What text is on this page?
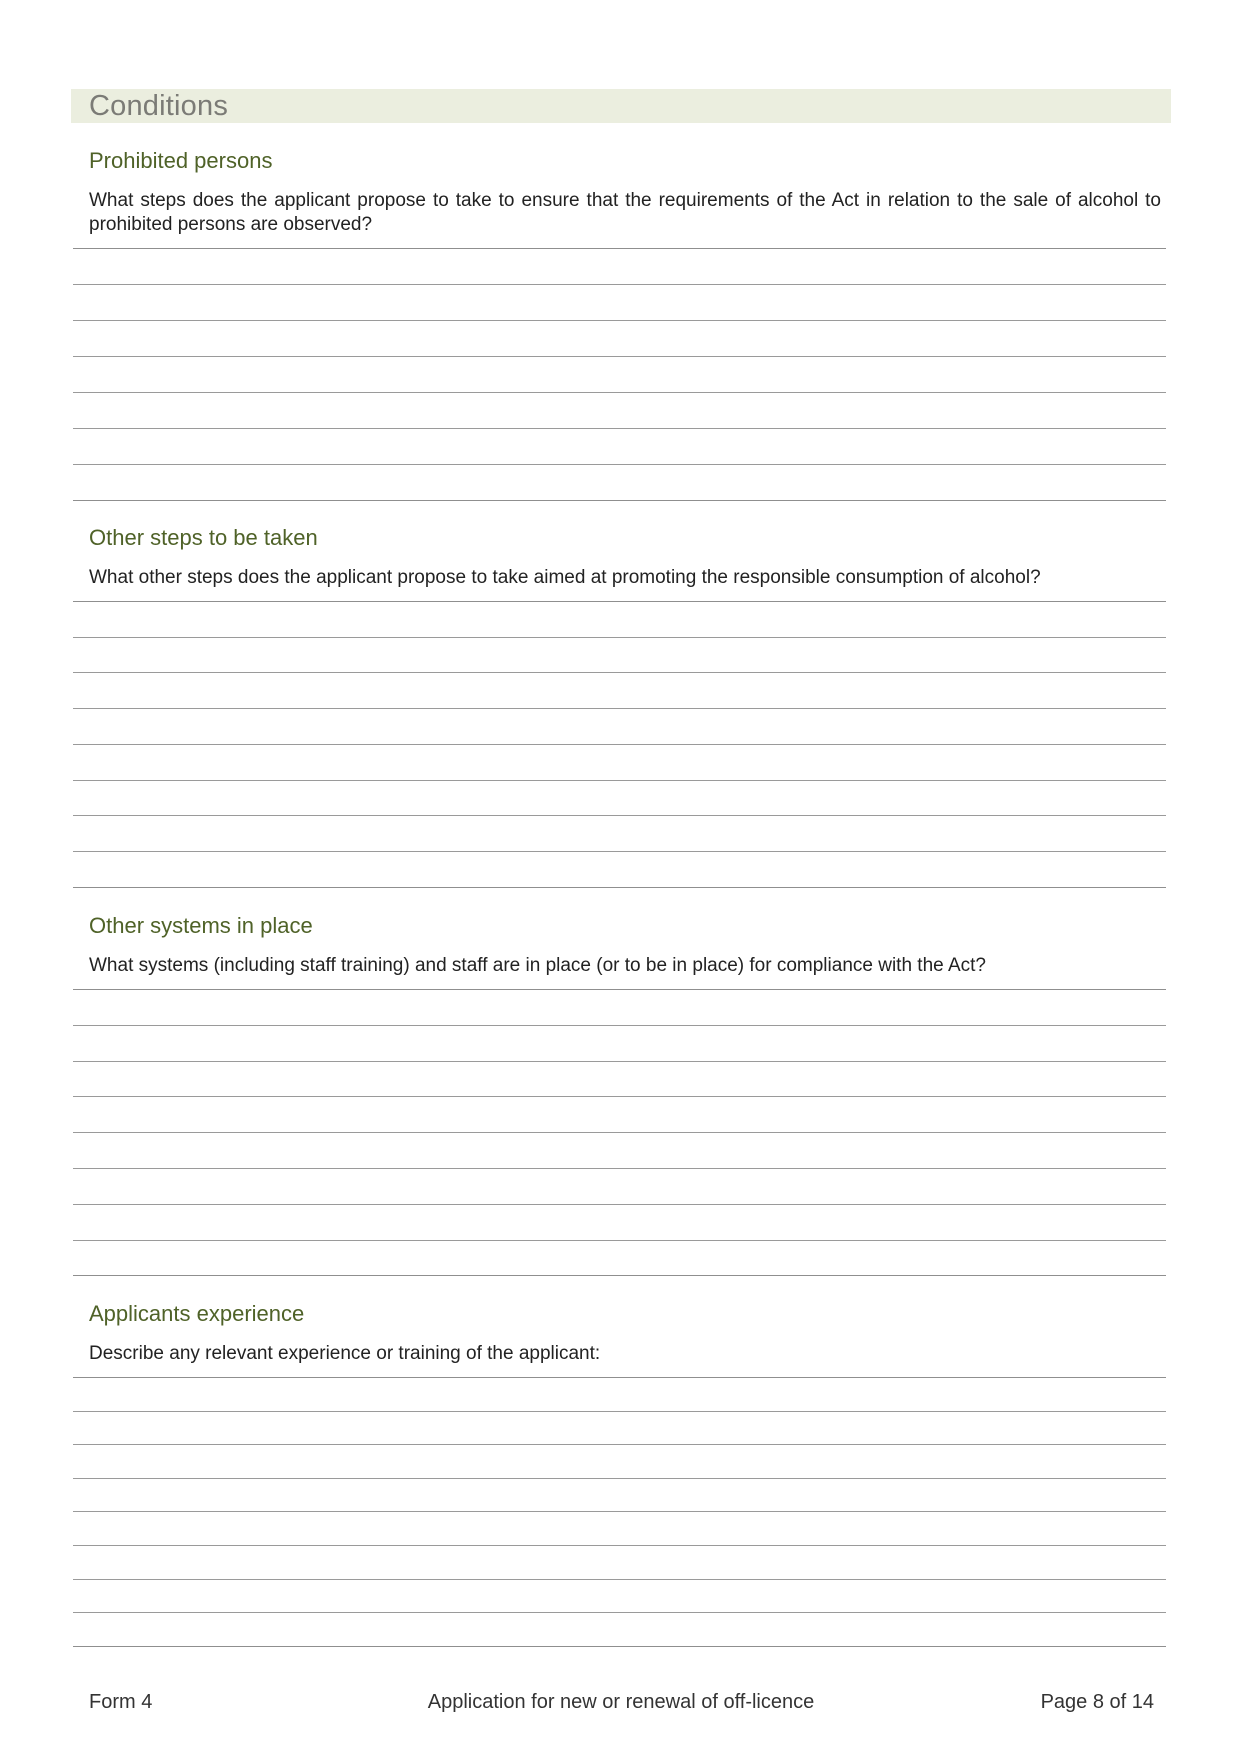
Conditions
Prohibited persons
What steps does the applicant propose to take to ensure that the requirements of the Act in relation to the sale of alcohol to prohibited persons are observed?
Other steps to be taken
What other steps does the applicant propose to take aimed at promoting the responsible consumption of alcohol?
Other systems in place
What systems (including staff training) and staff are in place (or to be in place) for compliance with the Act?
Applicants experience
Describe any relevant experience or training of the applicant:
Form 4	Application for new or renewal of off-licence	Page 8 of 14
